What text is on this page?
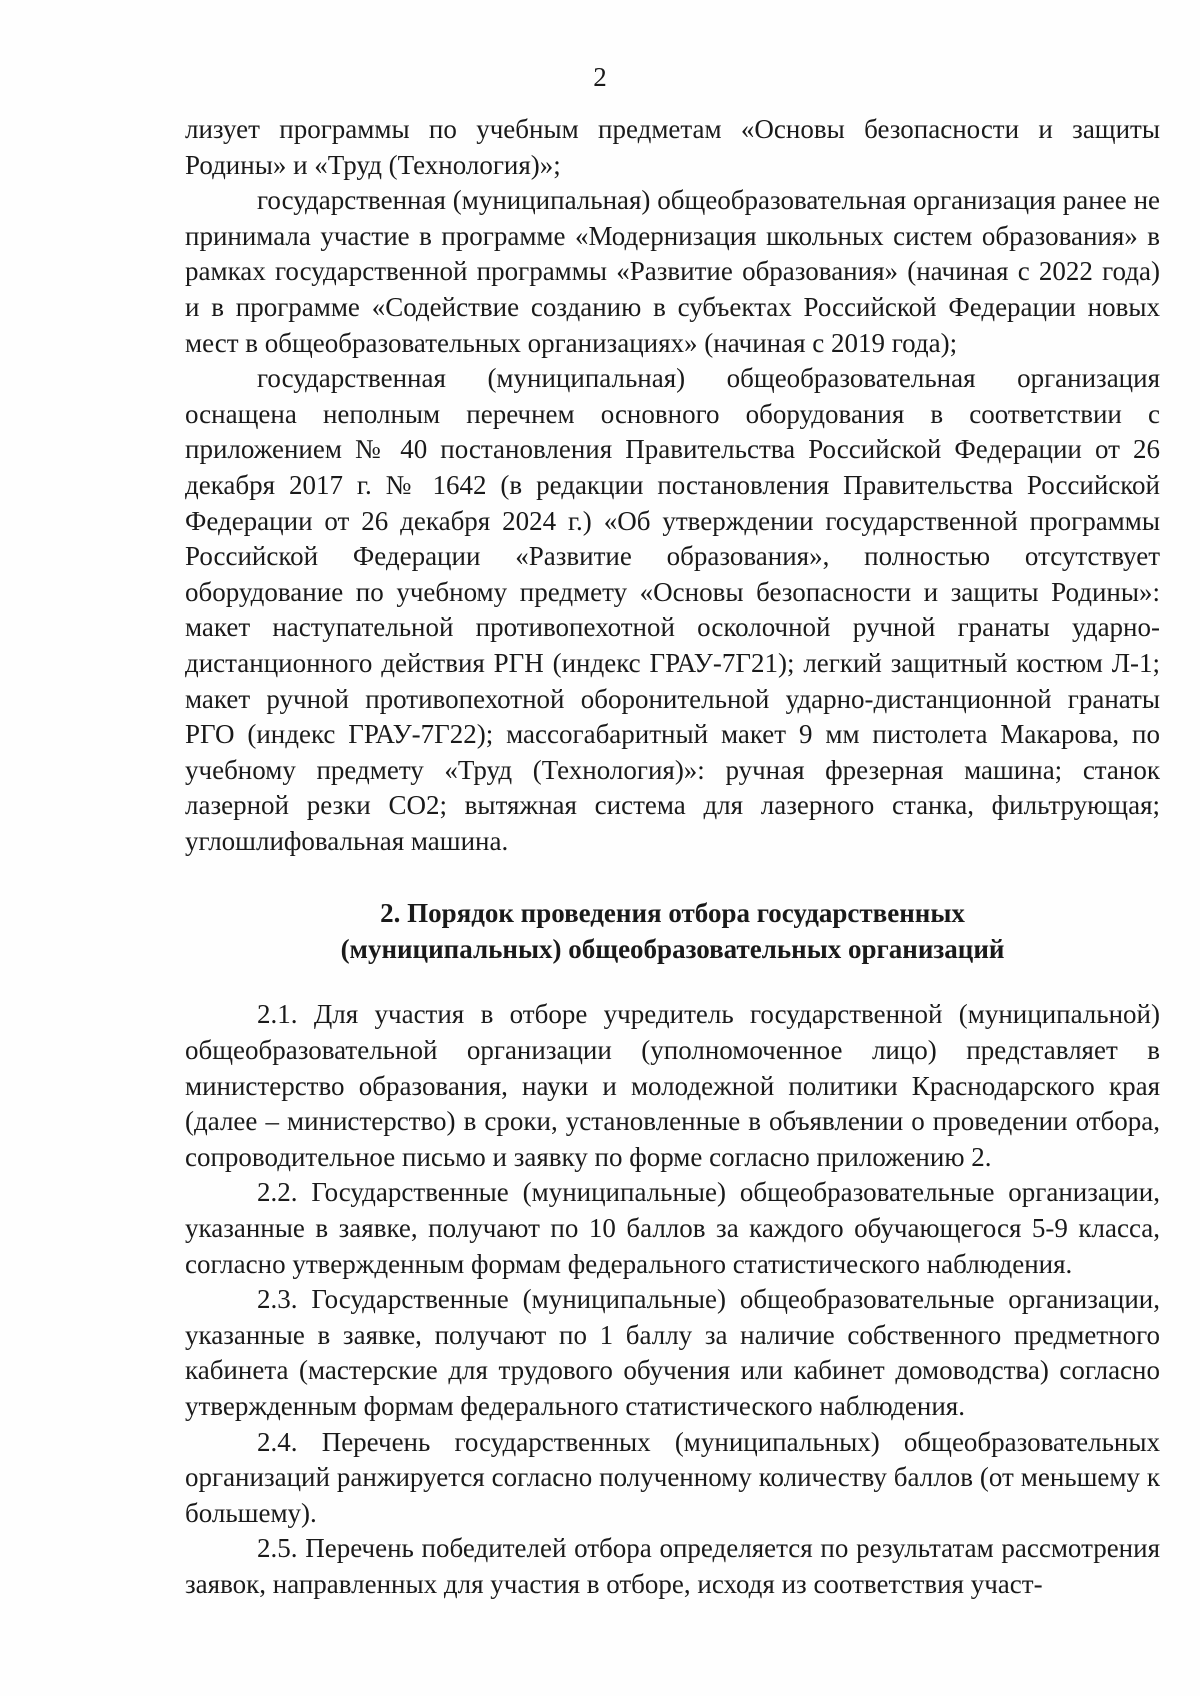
2

лизует программы по учебным предметам «Основы безопасности и защиты Родины» и «Труд (Технология)»;

государственная (муниципальная) общеобразовательная организация ранее не принимала участие в программе «Модернизация школьных систем образования» в рамках государственной программы «Развитие образования» (начиная с 2022 года) и в программе «Содействие созданию в субъектах Российской Федерации новых мест в общеобразовательных организациях» (начиная с 2019 года);

государственная (муниципальная) общеобразовательная организация оснащена неполным перечнем основного оборудования в соответствии с приложением № 40 постановления Правительства Российской Федерации от 26 декабря 2017 г. № 1642 (в редакции постановления Правительства Российской Федерации от 26 декабря 2024 г.) «Об утверждении государственной программы Российской Федерации «Развитие образования», полностью отсутствует оборудование по учебному предмету «Основы безопасности и защиты Родины»: макет наступательной противопехотной осколочной ручной гранаты ударно-дистанционного действия РГН (индекс ГРАУ-7Г21); легкий защитный костюм Л-1; макет ручной противопехотной оборонительной ударно-дистанционной гранаты РГО (индекс ГРАУ-7Г22); массогабаритный макет 9 мм пистолета Макарова, по учебному предмету «Труд (Технология)»: ручная фрезерная машина; станок лазерной резки СО2; вытяжная система для лазерного станка, фильтрующая; углошлифовальная машина.

2. Порядок проведения отбора государственных
(муниципальных) общеобразовательных организаций

2.1. Для участия в отборе учредитель государственной (муниципальной) общеобразовательной организации (уполномоченное лицо) представляет в министерство образования, науки и молодежной политики Краснодарского края (далее – министерство) в сроки, установленные в объявлении о проведении отбора, сопроводительное письмо и заявку по форме согласно приложению 2.

2.2. Государственные (муниципальные) общеобразовательные организации, указанные в заявке, получают по 10 баллов за каждого обучающегося 5-9 класса, согласно утвержденным формам федерального статистического наблюдения.

2.3. Государственные (муниципальные) общеобразовательные организации, указанные в заявке, получают по 1 баллу за наличие собственного предметного кабинета (мастерские для трудового обучения или кабинет домоводства) согласно утвержденным формам федерального статистического наблюдения.

2.4. Перечень государственных (муниципальных) общеобразовательных организаций ранжируется согласно полученному количеству баллов (от меньшему к большему).

2.5. Перечень победителей отбора определяется по результатам рассмотрения заявок, направленных для участия в отборе, исходя из соответствия участ-
